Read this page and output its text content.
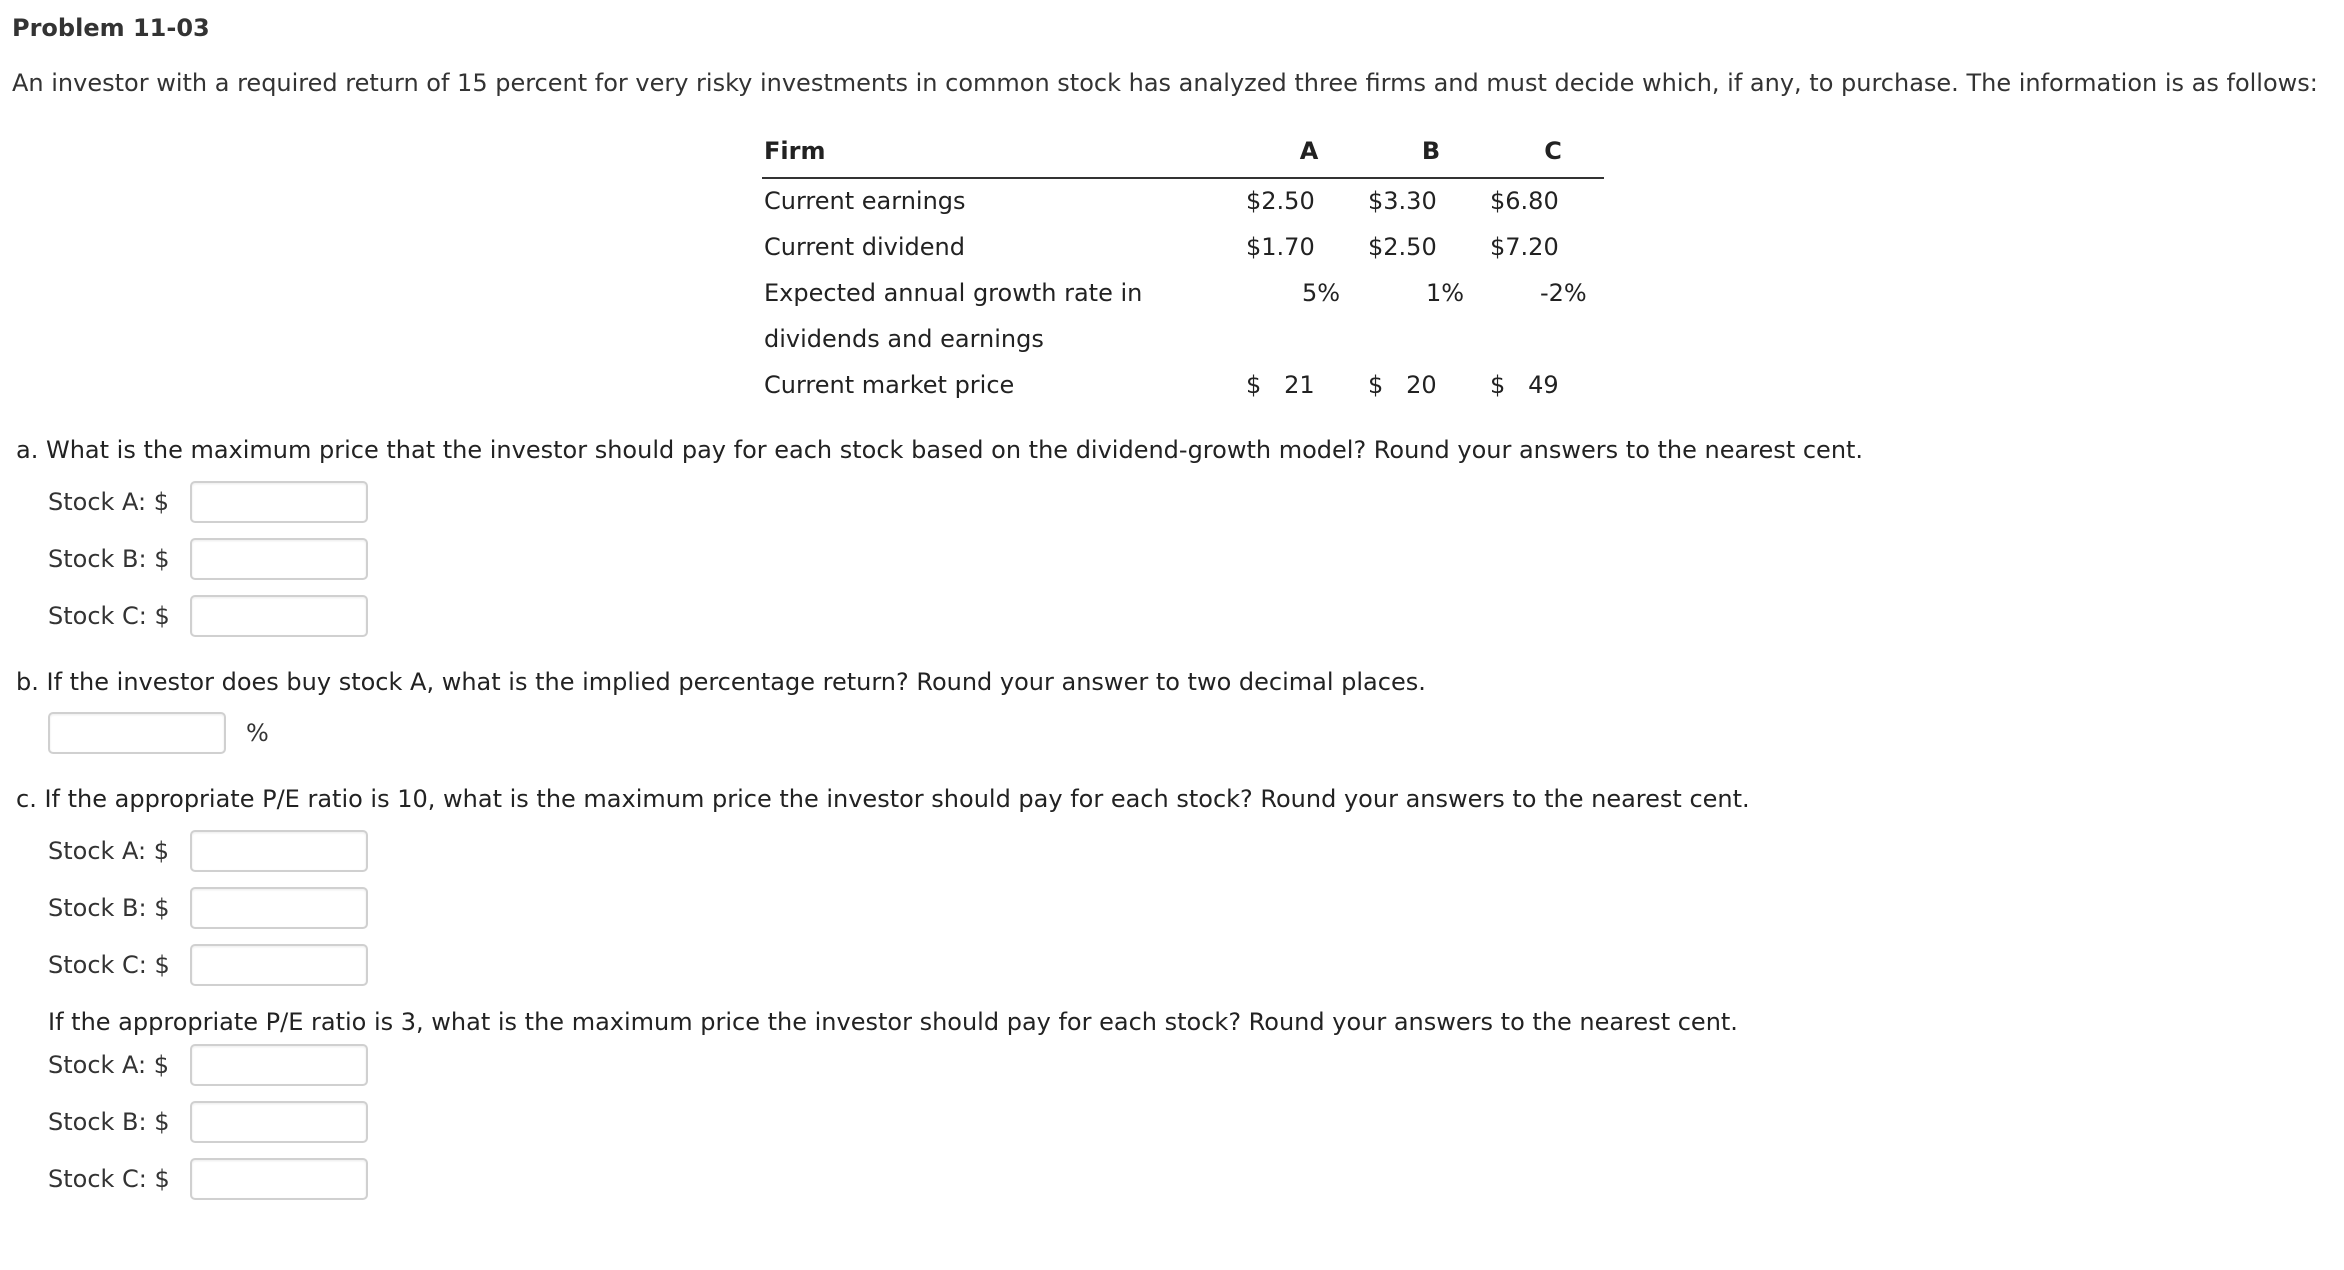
Problem 11-03
An investor with a required return of 15 percent for very risky investments in common stock has analyzed three firms and must decide which, if any, to purchase. The information is as follows:
Firm	A	B	C
Current earnings	$2.50 $3.30 $6.80
Current dividend	$1.70 $2.50 $7.20
Expected annual growth rate in	5%	1%	-2%
dividends and earnings
Current market price	$   21 $   20 $   49
a. What is the maximum price that the investor should pay for each stock based on the dividend-growth model? Round your answers to the nearest cent.
Stock A: $
Stock B: $
Stock C: $
b. If the investor does buy stock A, what is the implied percentage return? Round your answer to two decimal places.
%
c. If the appropriate P/E ratio is 10, what is the maximum price the investor should pay for each stock? Round your answers to the nearest cent.
Stock A: $
Stock B: $
Stock C: $
If the appropriate P/E ratio is 3, what is the maximum price the investor should pay for each stock? Round your answers to the nearest cent.
Stock A: $
Stock B: $
Stock C: $
